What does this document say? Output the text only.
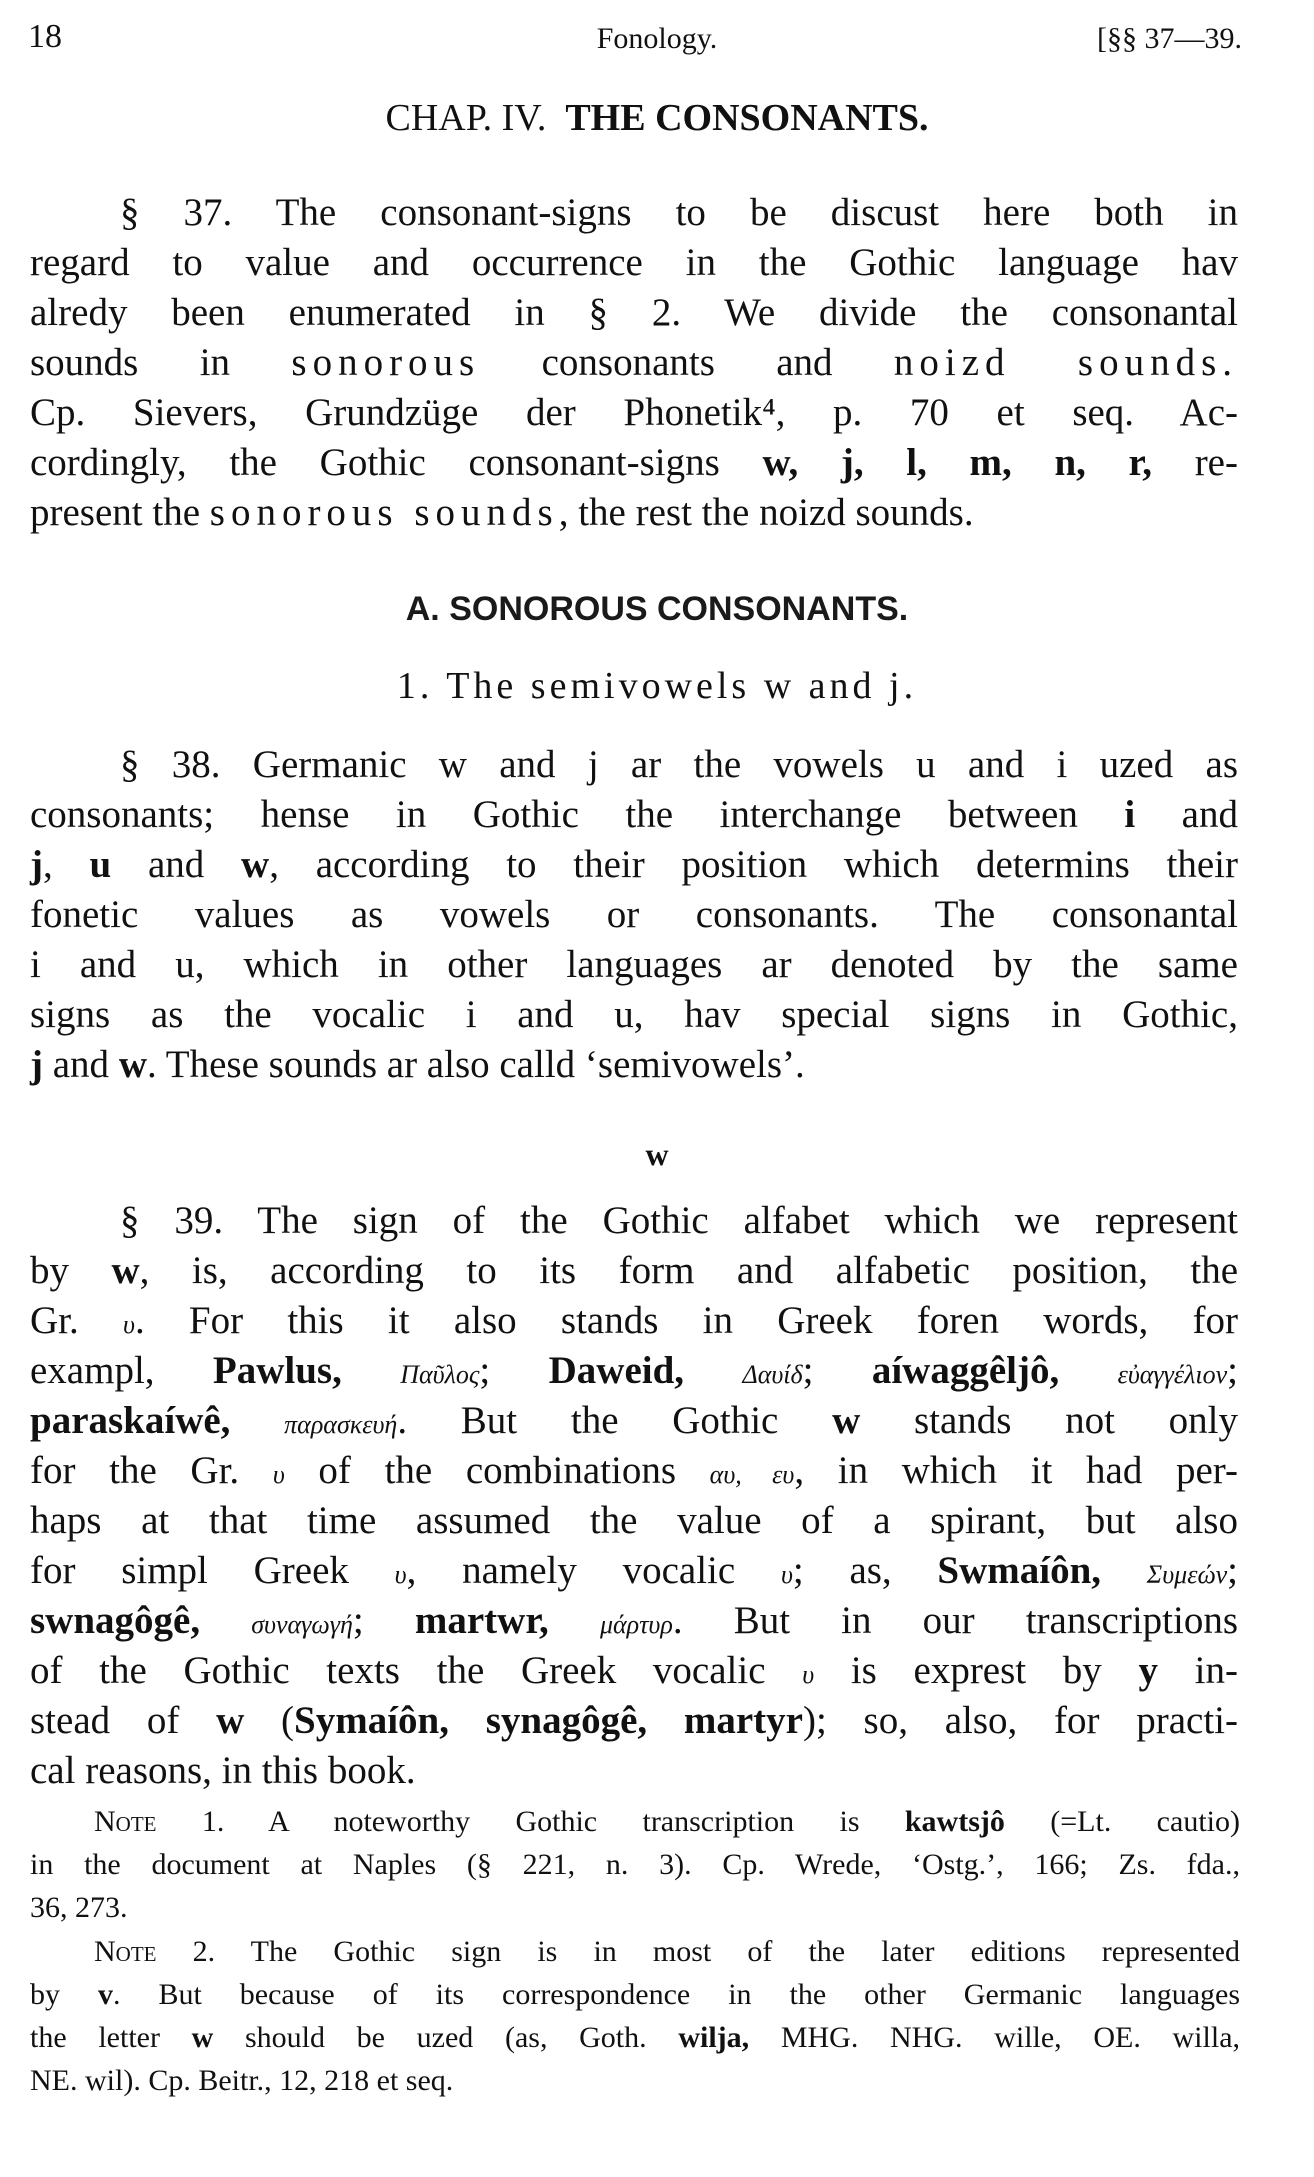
18	Fonology.	[§§ 37—39.
CHAP. IV. THE CONSONANTS.
§ 37. The consonant-signs to be discust here both in
regard to value and occurrence in the Gothic language hav
alredy been enumerated in § 2. We divide the consonantal
sounds in sonorous consonants and noizd sounds.
Cp. Sievers, Grundzüge der Phonetik⁴, p. 70 et seq. Ac-
cordingly, the Gothic consonant-signs w, j, l, m, n, r, re-
present the sonorous sounds, the rest the noizd sounds.
A. SONOROUS CONSONANTS.
1. The semivowels w and j.
§ 38. Germanic w and j ar the vowels u and i uzed as
consonants; hense in Gothic the interchange between i and
j, u and w, according to their position which determins their
fonetic values as vowels or consonants. The consonantal
i and u, which in other languages ar denoted by the same
signs as the vocalic i and u, hav special signs in Gothic,
j and w. These sounds ar also calld ‘semivowels’.
w
§ 39. The sign of the Gothic alfabet which we represent
by w, is, according to its form and alfabetic position, the
Gr. υ. For this it also stands in Greek foren words, for
exampl, Pawlus, Παῦλος; Daweid, Δαυίδ; aíwaggêljô, εὐαγγέλιον;
paraskaíwê, παρασκευή. But the Gothic w stands not only
for the Gr. υ of the combinations αυ, ευ, in which it had per-
haps at that time assumed the value of a spirant, but also
for simpl Greek υ, namely vocalic υ; as, Swmaíôn, Συμεών;
swnagôgê, συναγωγή; martwr, μάρτυρ. But in our transcriptions
of the Gothic texts the Greek vocalic υ is exprest by y in-
stead of w (Symaíôn, synagôgê, martyr); so, also, for practi-
cal reasons, in this book.
Note 1. A noteworthy Gothic transcription is kawtsjô (=Lt. cautio)
in the document at Naples (§ 221, n. 3). Cp. Wrede, ‘Ostg.’, 166; Zs. fda.,
36, 273.
Note 2. The Gothic sign is in most of the later editions represented
by v. But because of its correspondence in the other Germanic languages
the letter w should be uzed (as, Goth. wilja, MHG. NHG. wille, OE. willa,
NE. wil). Cp. Beitr., 12, 218 et seq.
